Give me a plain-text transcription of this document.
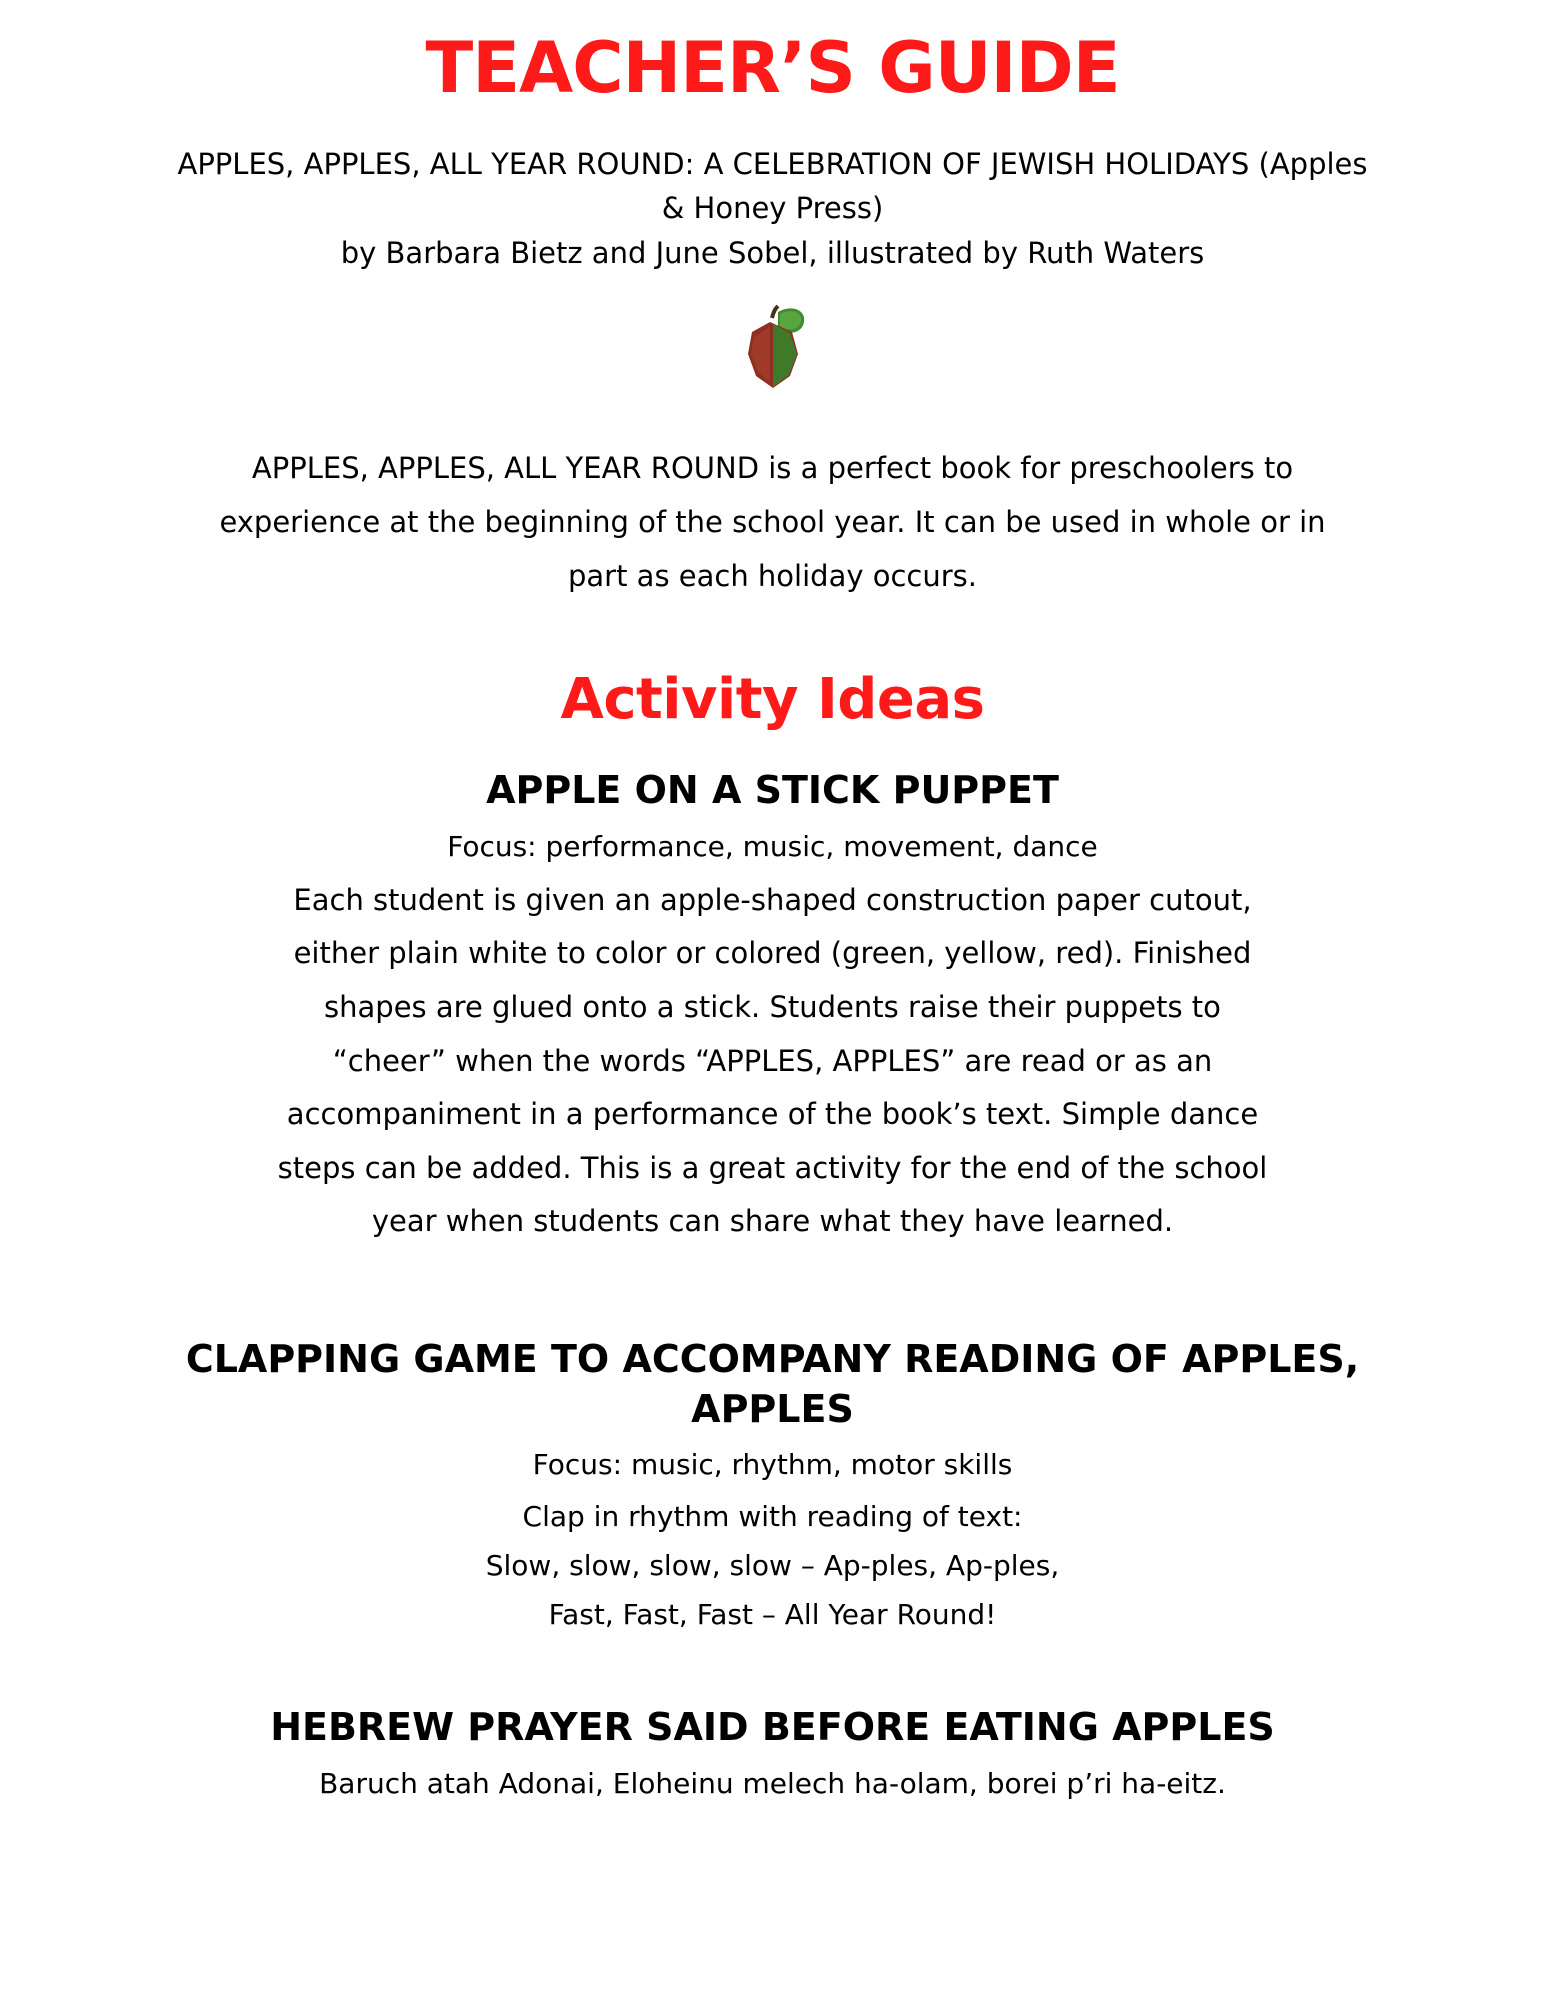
TEACHER’S GUIDE
APPLES, APPLES, ALL YEAR ROUND: A CELEBRATION OF JEWISH HOLIDAYS (Apples & Honey Press)
by Barbara Bietz and June Sobel, illustrated by Ruth Waters

APPLES, APPLES, ALL YEAR ROUND is a perfect book for preschoolers to experience at the beginning of the school year. It can be used in whole or in part as each holiday occurs.

Activity Ideas
APPLE ON A STICK PUPPET

Focus: performance, music, movement, dance

Each student is given an apple-shaped construction paper cutout, either plain white to color or colored (green, yellow, red). Finished shapes are glued onto a stick. Students raise their puppets to “cheer” when the words “APPLES, APPLES” are read or as an accompaniment in a performance of the book’s text. Simple dance steps can be added. This is a great activity for the end of the school year when students can share what they have learned.

CLAPPING GAME TO ACCOMPANY READING OF APPLES, APPLES

Focus: music, rhythm, motor skills

Clap in rhythm with reading of text:

Slow, slow, slow, slow – Ap-ples, Ap-ples,

Fast, Fast, Fast – All Year Round!

HEBREW PRAYER SAID BEFORE EATING APPLES

Baruch atah Adonai, Eloheinu melech ha-olam, borei p’ri ha-eitz.
